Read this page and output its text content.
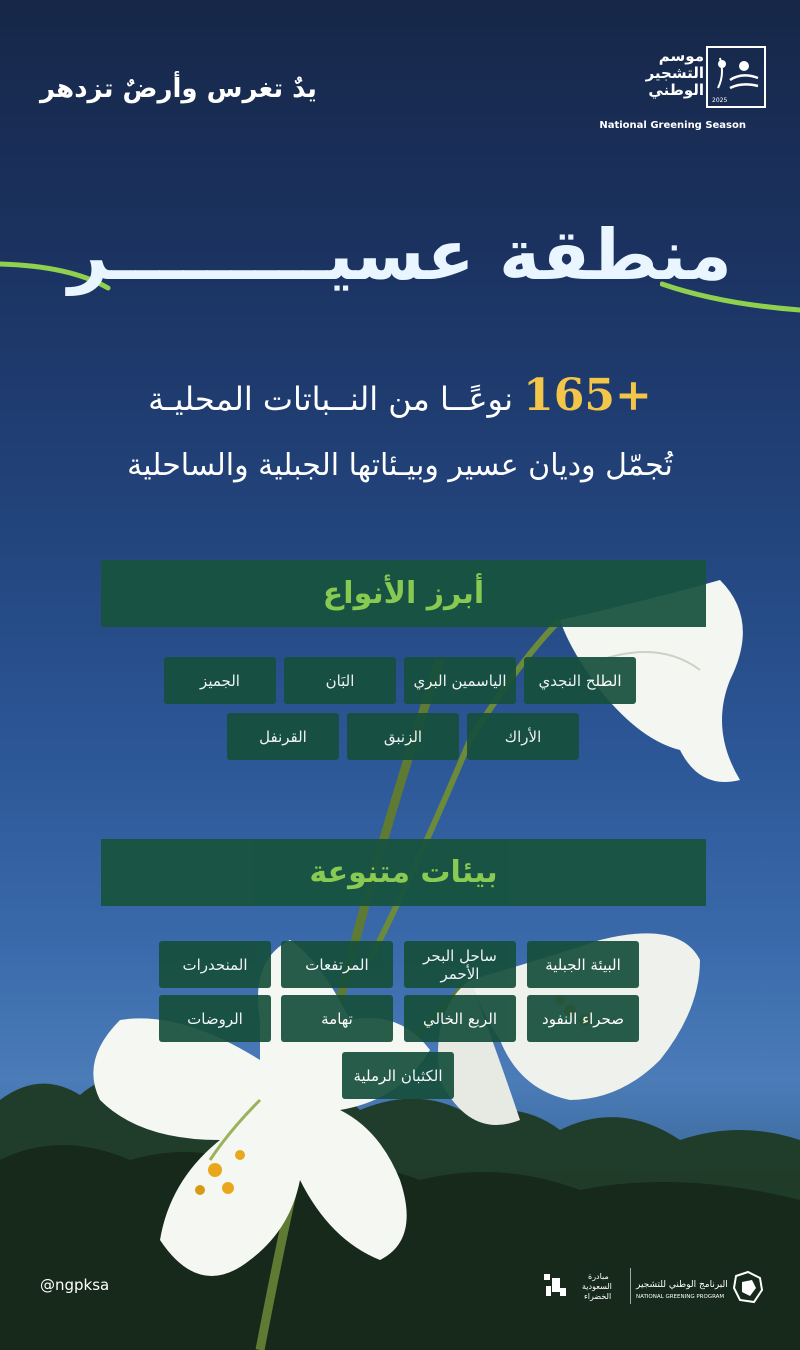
يدٌ تغرس وأرضٌ تزدهر
موسم
التشجير
الوطني
2025
National Greening Season
منطقة عسيـــــــــر
165+ نوعًــا من النــباتات المحليـة
تُجمّل وديان عسير وبيـئاتها الجبلية والساحلية
أبرز الأنواع
الطلح النجدي
الياسمين البري
البَان
الجميز
الأراك
الزنبق
القرنفل
بيئات متنوعة
البيئة الجبلية
ساحل البحر الأحمر
المرتفعات
المنحدرات
صحراء النفود
الربع الخالي
تهامة
الروضات
الكثبان الرملية
@ngpksa	مبادرة
السعودية
الخضراء
البرنامج الوطني للتشجير
NATIONAL GREENING PROGRAM
